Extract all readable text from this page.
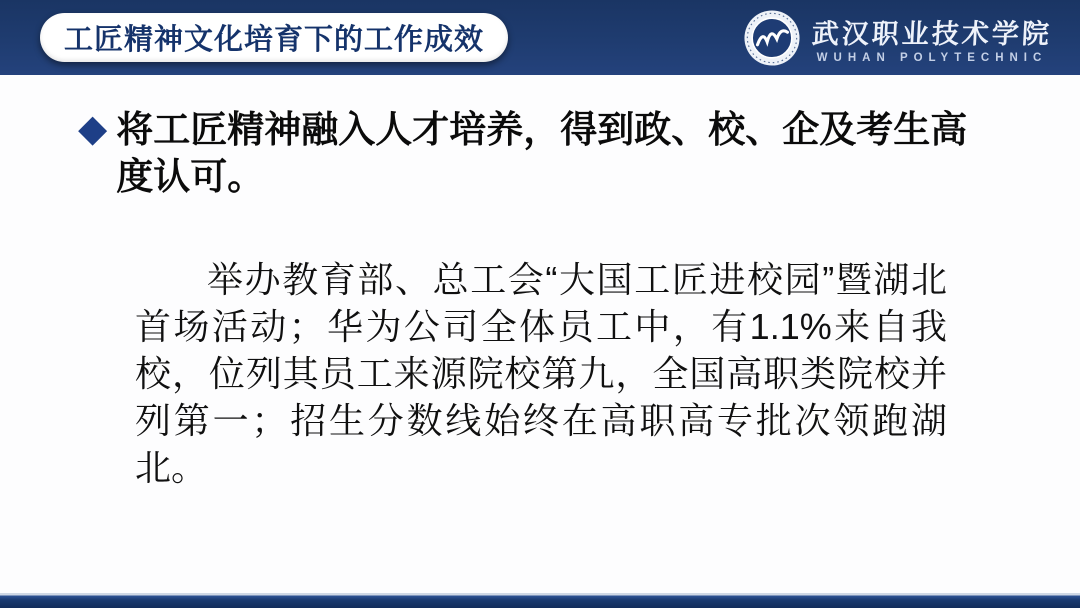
工匠精神文化培育下的工作成效	武汉职业技术学院
WUHAN POLYTECHNIC
◆ 将工匠精神融入人才培养，得到政、校、企及考生高度认可。

举办教育部、总工会“大国工匠进校园”暨湖北首场活动；华为公司全体员工中，有1.1%来自我校，位列其员工来源院校第九，全国高职类院校并列第一；招生分数线始终在高职高专批次领跑湖北。
